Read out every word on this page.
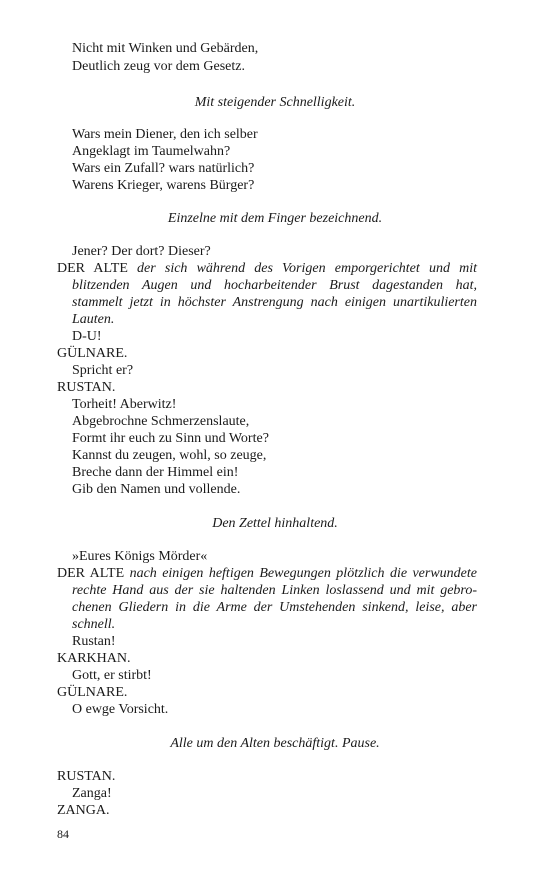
Nicht mit Winken und Gebärden,
Deutlich zeug vor dem Gesetz.
Mit steigender Schnelligkeit.
Wars mein Diener, den ich selber
Angeklagt im Taumelwahn?
Wars ein Zufall? wars natürlich?
Warens Krieger, warens Bürger?
Einzelne mit dem Finger bezeichnend.
Jener? Der dort? Dieser?
DER ALTE der sich während des Vorigen emporgerichtet und mit
blitzenden Augen und hocharbeitender Brust dagestanden hat,
stammelt jetzt in höchster Anstrengung nach einigen unartikulierten
Lauten.
D-U!
GÜLNARE.
Spricht er?
RUSTAN.
Torheit! Aberwitz!
Abgebrochne Schmerzenslaute,
Formt ihr euch zu Sinn und Worte?
Kannst du zeugen, wohl, so zeuge,
Breche dann der Himmel ein!
Gib den Namen und vollende.
Den Zettel hinhaltend.
»Eures Königs Mörder«
DER ALTE nach einigen heftigen Bewegungen plötzlich die verwundete
rechte Hand aus der sie haltenden Linken loslassend und mit gebro-
chenen Gliedern in die Arme der Umstehenden sinkend, leise, aber
schnell.
Rustan!
KARKHAN.
Gott, er stirbt!
GÜLNARE.
O ewge Vorsicht.
Alle um den Alten beschäftigt. Pause.
RUSTAN.
Zanga!
ZANGA.
84
